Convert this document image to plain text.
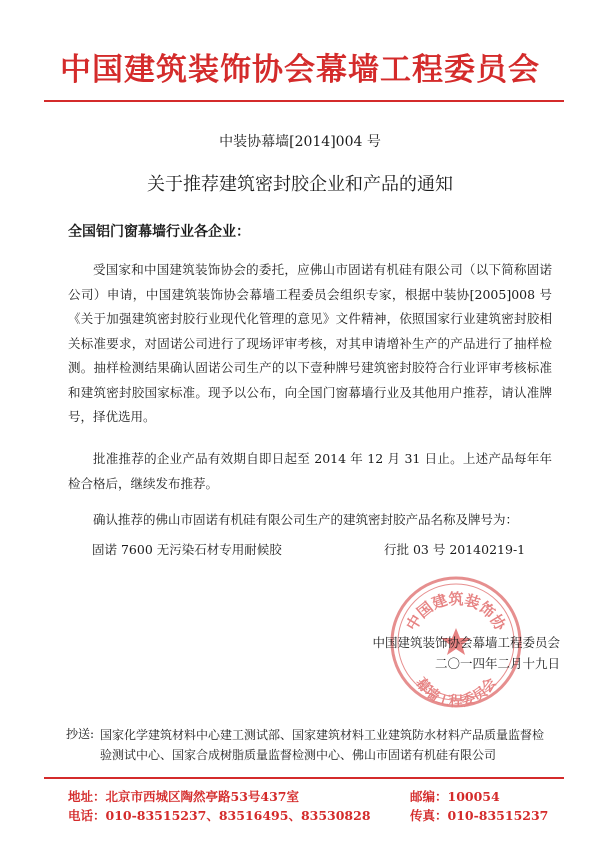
中国建筑装饰协会幕墙工程委员会
中装协幕墙[2014]004 号
关于推荐建筑密封胶企业和产品的通知
全国铝门窗幕墙行业各企业：

受国家和中国建筑装饰协会的委托，应佛山市固诺有机硅有限公司（以下简称固诺公司）申请，中国建筑装饰协会幕墙工程委员会组织专家，根据中装协[2005]008 号《关于加强建筑密封胶行业现代化管理的意见》文件精神，依照国家行业建筑密封胶相关标准要求，对固诺公司进行了现场评审考核，对其申请增补生产的产品进行了抽样检测。抽样检测结果确认固诺公司生产的以下壹种牌号建筑密封胶符合行业评审考核标准和建筑密封胶国家标准。现予以公布，向全国门窗幕墙行业及其他用户推荐，请认准牌号，择优选用。

批准推荐的企业产品有效期自即日起至 2014 年 12 月 31 日止。上述产品每年年检合格后，继续发布推荐。

确认推荐的佛山市固诺有机硅有限公司生产的建筑密封胶产品名称及牌号为：

固诺 7600 无污染石材专用耐候胶	行批 03 号 20140219-1
中国建筑装饰协
幕墙工程委员会
中国建筑装饰协会幕墙工程委员会
二〇一四年二月十九日
抄送: 国家化学建筑材料中心建工测试部、国家建筑材料工业建筑防水材料产品质量监督检验测试中心、国家合成树脂质量监督检测中心、佛山市固诺有机硅有限公司
地址：北京市西城区陶然亭路53号437室
电话：010-83515237、83516495、83530828
邮编：100054
传真：010-83515237
